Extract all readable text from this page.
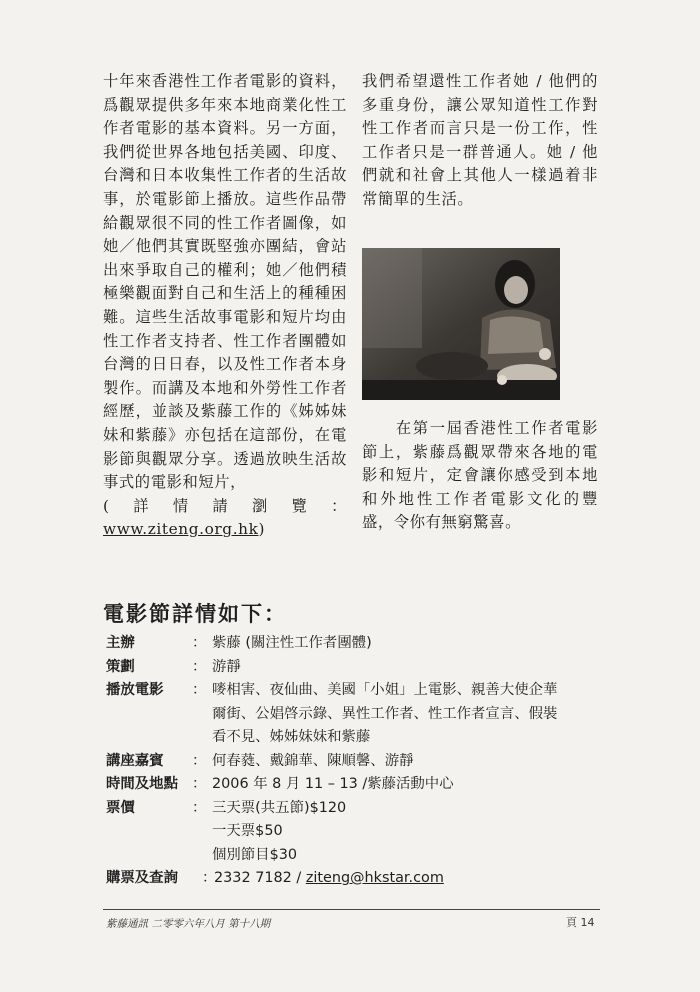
十年來香港性工作者電影的資料，爲觀眾提供多年來本地商業化性工作者電影的基本資料。另一方面，我們從世界各地包括美國、印度、台灣和日本收集性工作者的生活故事，於電影節上播放。這些作品帶給觀眾很不同的性工作者圖像，如她／他們其實既堅強亦團結，會站出來爭取自己的權利；她／他們積極樂觀面對自己和生活上的種種困難。這些生活故事電影和短片均由性工作者支持者、性工作者團體如台灣的日日春，以及性工作者本身製作。而講及本地和外勞性工作者經歷，並談及紫藤工作的《姊姊妹妹和紫藤》亦包括在這部份，在電影節與觀眾分享。透過放映生活故事式的電影和短片，

(詳情請瀏覽：www.ziteng.org.hk)

我們希望還性工作者她 / 他們的多重身份，讓公眾知道性工作對性工作者而言只是一份工作，性工作者只是一群普通人。她 / 他們就和社會上其他人一樣過着非常簡單的生活。

　　在第一屆香港性工作者電影節上，紫藤爲觀眾帶來各地的電影和短片，定會讓你感受到本地和外地性工作者電影文化的豐盛，令你有無窮驚喜。
電影節詳情如下：
主辦	： 紫藤 (關注性工作者團體)
策劃	： 游靜
播放電影	： 嘜相害、夜仙曲、美國「小姐」上電影、親善大使企華
爾街、公娼啓示錄、異性工作者、性工作者宣言、假裝
看不見、姊姊妹妹和紫藤
講座嘉賓	： 何春蕤、戴錦華、陳順馨、游靜
時間及地點 ： 2006 年 8 月 11 – 13 /紫藤活動中心
票價	： 三天票(共五節)$120
一天票$50
個別節目$30
購票及查詢	：
2332 7182 / ziteng@hkstar.com
紫藤通訊 二零零六年八月 第十八期	頁 14
